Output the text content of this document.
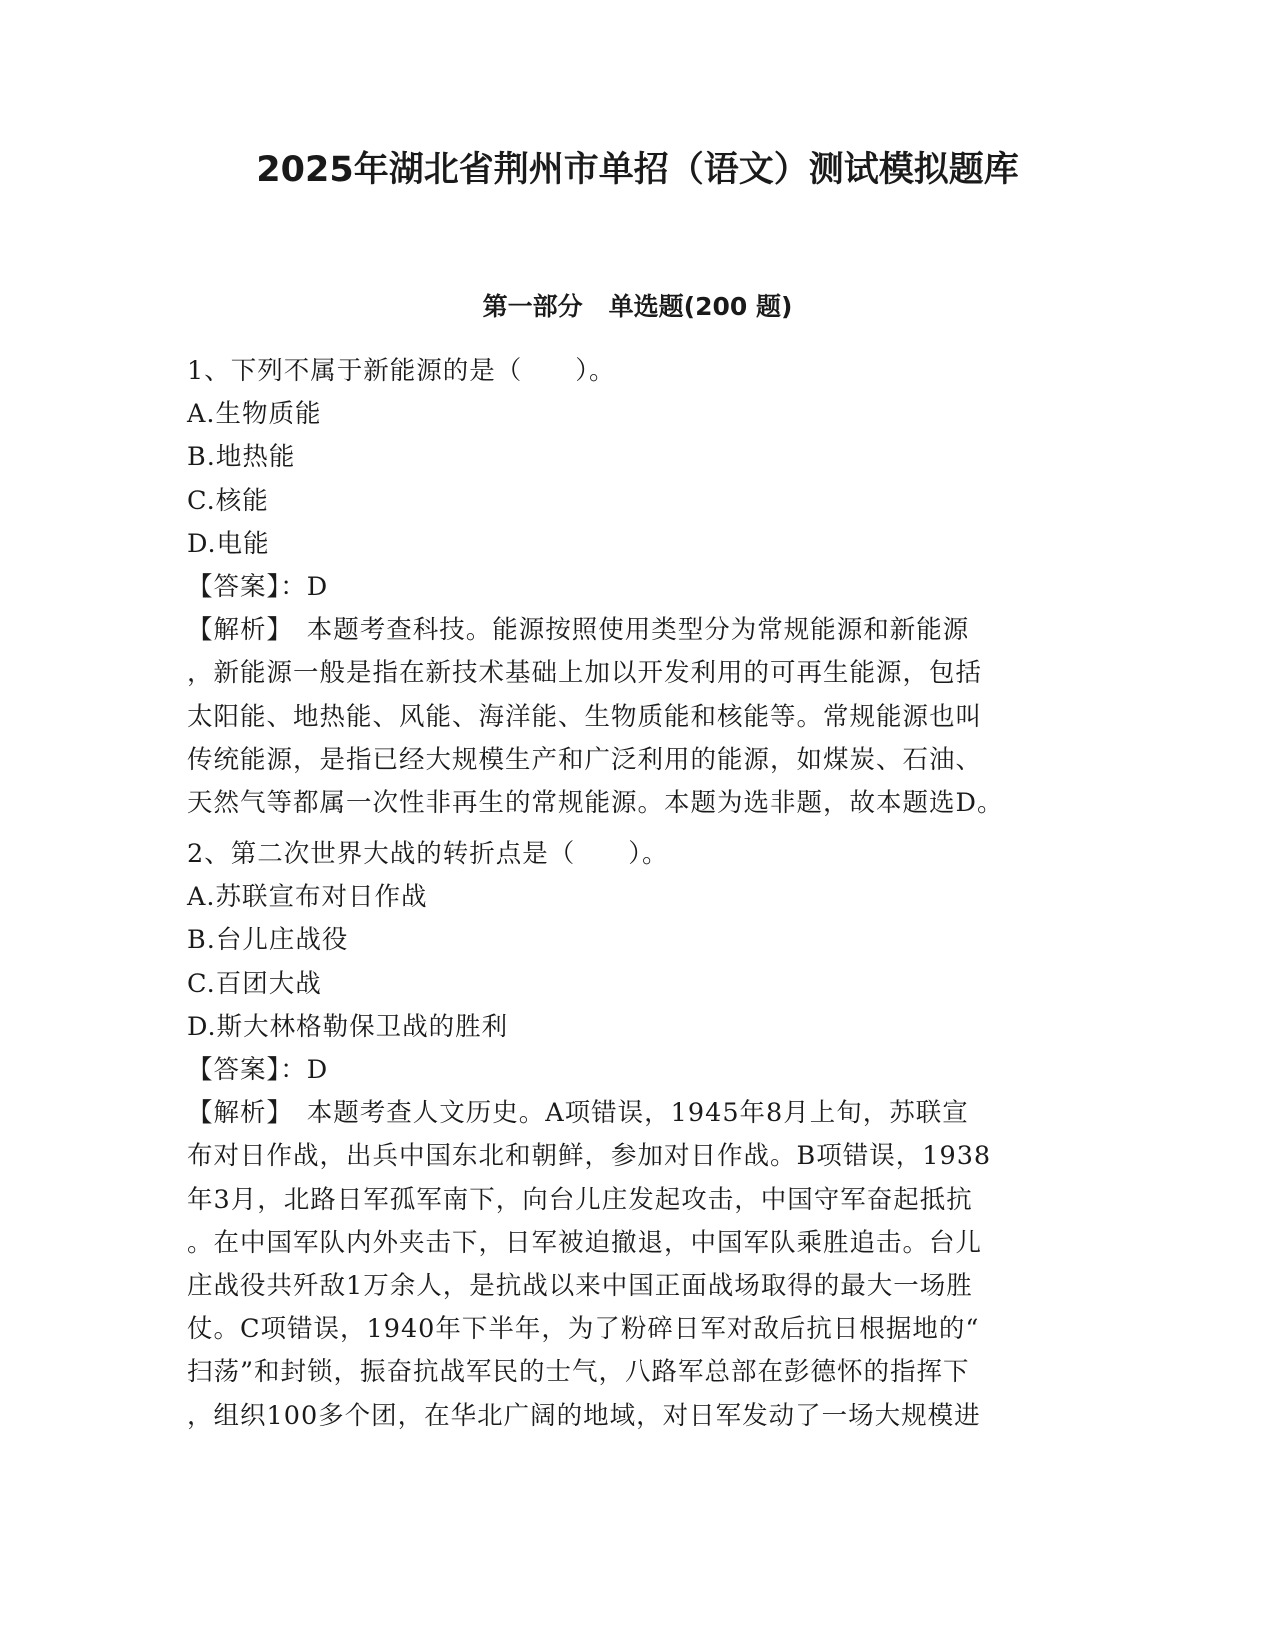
2025年湖北省荆州市单招（语文）测试模拟题库
第一部分   单选题(200 题)
1、下列不属于新能源的是（　　）。
A.生物质能
B.地热能
C.核能
D.电能
【答案】：D
【解析】　本题考查科技。能源按照使用类型分为常规能源和新能源
，新能源一般是指在新技术基础上加以开发利用的可再生能源，包括
太阳能、地热能、风能、海洋能、生物质能和核能等。常规能源也叫
传统能源，是指已经大规模生产和广泛利用的能源，如煤炭、石油、
天然气等都属一次性非再生的常规能源。本题为选非题，故本题选D。
2、第二次世界大战的转折点是（　　）。
A.苏联宣布对日作战
B.台儿庄战役
C.百团大战
D.斯大林格勒保卫战的胜利
【答案】：D
【解析】　本题考查人文历史。A项错误，1945年8月上旬，苏联宣
布对日作战，出兵中国东北和朝鲜，参加对日作战。B项错误，1938
年3月，北路日军孤军南下，向台儿庄发起攻击，中国守军奋起抵抗
。在中国军队内外夹击下，日军被迫撤退，中国军队乘胜追击。台儿
庄战役共歼敌1万余人，是抗战以来中国正面战场取得的最大一场胜
仗。C项错误，1940年下半年，为了粉碎日军对敌后抗日根据地的“
扫荡”和封锁，振奋抗战军民的士气，八路军总部在彭德怀的指挥下
，组织100多个团，在华北广阔的地域，对日军发动了一场大规模进
